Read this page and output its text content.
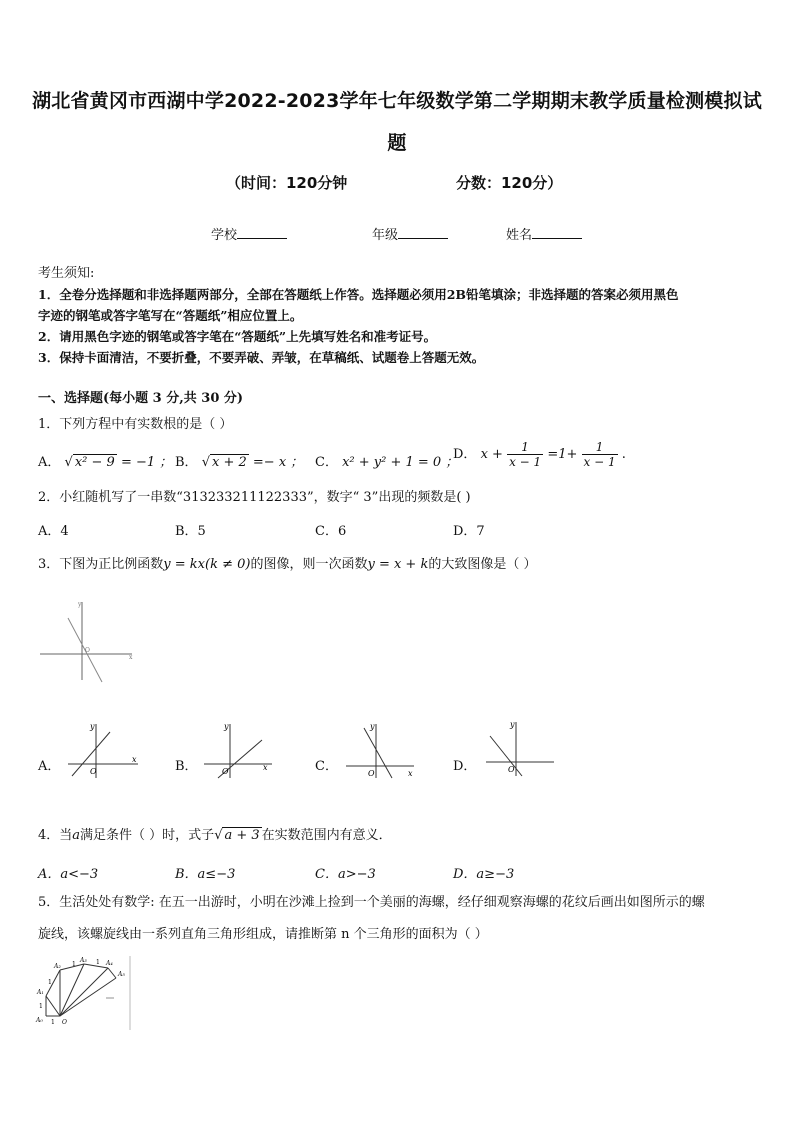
湖北省黄冈市西湖中学2022-2023学年七年级数学第二学期期末教学质量检测模拟试
题
（时间：120分钟	分数：120分）
学校	年级	姓名
考生须知:
1．全卷分选择题和非选择题两部分，全部在答题纸上作答。选择题必须用2B铅笔填涂；非选择题的答案必须用黑色
字迹的钢笔或答字笔写在“答题纸”相应位置上。
2．请用黑色字迹的钢笔或答字笔在“答题纸”上先填写姓名和准考证号。
3．保持卡面清洁，不要折叠，不要弄破、弄皱，在草稿纸、试题卷上答题无效。
一、选择题(每小题 3 分,共 30 分)
1．下列方程中有实数根的是（ ）
A． √ x² − 9 = −1 ； B． √ x + 2 =− x ； C． x² + y² + 1 = 0 ；
D． $x + \frac{1}{x - 1} =1+ \frac{1}{x - 1}$ .
2．小红随机写了一串数“313233211122333”，数字“ 3”出现的频数是( )
A．4	B．5	C．6	D．7
3．下图为正比例函数y = kx(k ≠ 0)的图像，则一次函数y = x + k的大致图像是（ ）
y
x
O
A．
y
x
O	B．
y
x
O	C．
y
x
O	D．
y
O
4．当a满足条件（ ）时，式子√ a + 3 在实数范围内有意义．
A．a<−3	B．a≤−3	C．a>−3	D．a≥−3
5．生活处处有数学: 在五一出游时，小明在沙滩上捡到一个美丽的海螺，经仔细观察海螺的花纹后画出如图所示的螺
旋线，该螺旋线由一系列直角三角形组成，请推断第 n 个三角形的面积为（ ）
A₀
A₁
A₂
A₃	A₄
A₅
O
1
1
1
1	1
